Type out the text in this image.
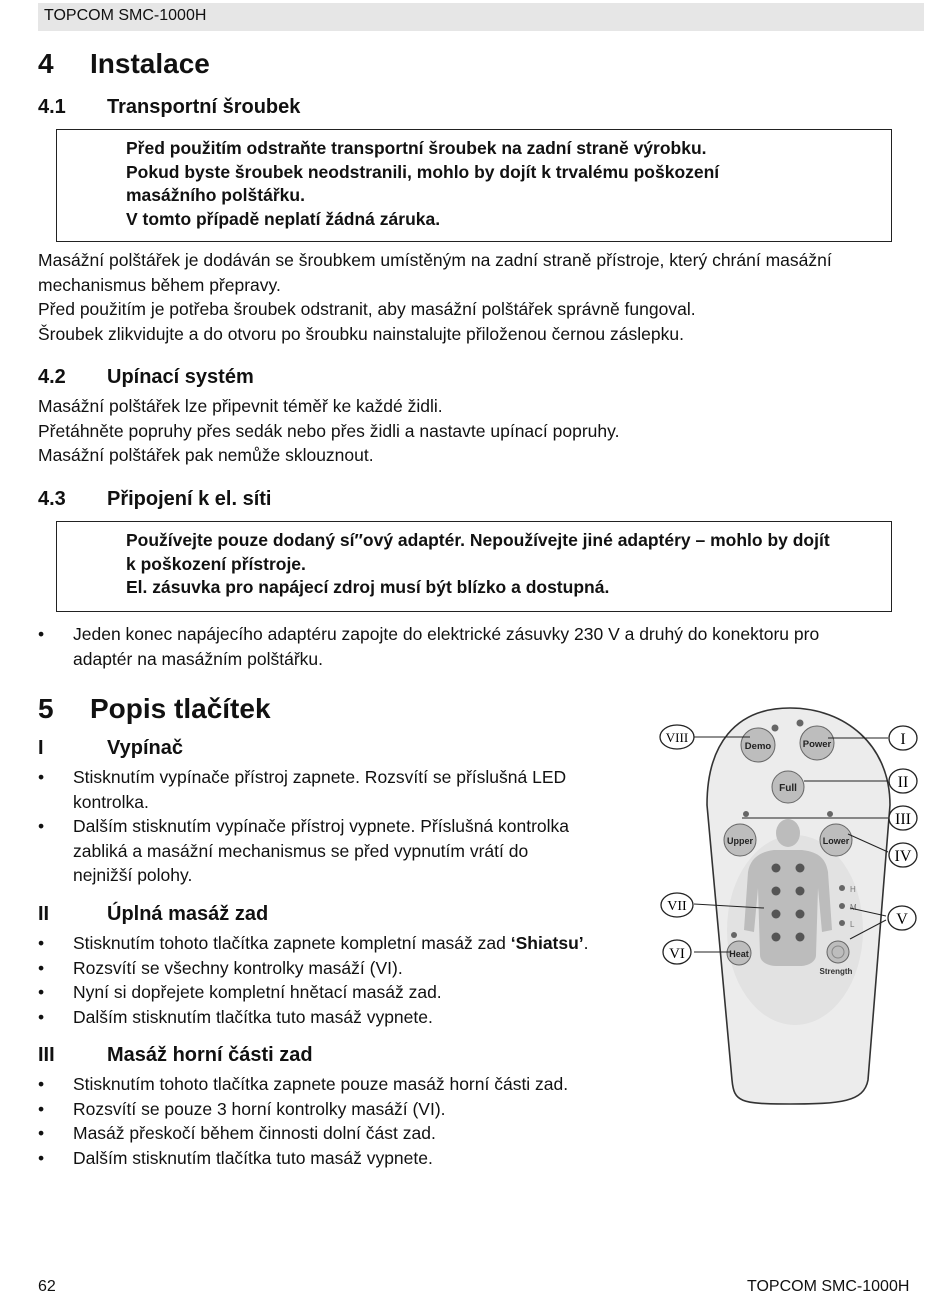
TOPCOM SMC-1000H
4 Instalace
4.1 Transportní šroubek
Před použitím odstraňte transportní šroubek na zadní straně výrobku.
Pokud byste šroubek neodstranili, mohlo by dojít k trvalému poškození
masážního polštářku.
V tomto případě neplatí žádná záruka.
Masážní polštářek je dodáván se šroubkem umístěným na zadní straně přístroje, který chrání masážní
mechanismus během přepravy.
Před použitím je potřeba šroubek odstranit, aby masážní polštářek správně fungoval.
Šroubek zlikvidujte a do otvoru po šroubku nainstalujte přiloženou černou záslepku.
4.2 Upínací systém
Masážní polštářek lze připevnit téměř ke každé židli.
Přetáhněte popruhy přes sedák nebo přes židli a nastavte upínací popruhy.
Masážní polštářek pak nemůže sklouznout.
4.3 Připojení k el. síti
Používejte pouze dodaný sí″ový adaptér. Nepoužívejte jiné adaptéry – mohlo by dojít
k poškození přístroje.
El. zásuvka pro napájecí zdroj musí být blízko a dostupná.
• Jeden konec napájecího adaptéru zapojte do elektrické zásuvky 230 V a druhý do konektoru pro
adaptér na masážním polštářku.
5 Popis tlačítek
I	Vypínač
• Stisknutím vypínače přístroj zapnete. Rozsvítí se příslušná LED
kontrolka.
• Dalším stisknutím vypínače přístroj vypnete. Příslušná kontrolka
zabliká a masážní mechanismus se před vypnutím vrátí do
nejnižší polohy.
II	Úplná masáž zad
• Stisknutím tohoto tlačítka zapnete kompletní masáž zad ‘Shiatsu’.
• Rozsvítí se všechny kontrolky masáží (VI).
• Nyní si dopřejete kompletní hnětací masáž zad.
• Dalším stisknutím tlačítka tuto masáž vypnete.
III	Masáž horní části zad
• Stisknutím tohoto tlačítka zapnete pouze masáž horní části zad.
• Rozsvítí se pouze 3 horní kontrolky masáží (VI).
• Masáž přeskočí během činnosti dolní část zad.
• Dalším stisknutím tlačítka tuto masáž vypnete.
Demo	Power
Full
Upper	Lower
H
M
L
Heat
Strength
VIII	I
II
III
IV
V
VII
VI
62	TOPCOM SMC-1000H
